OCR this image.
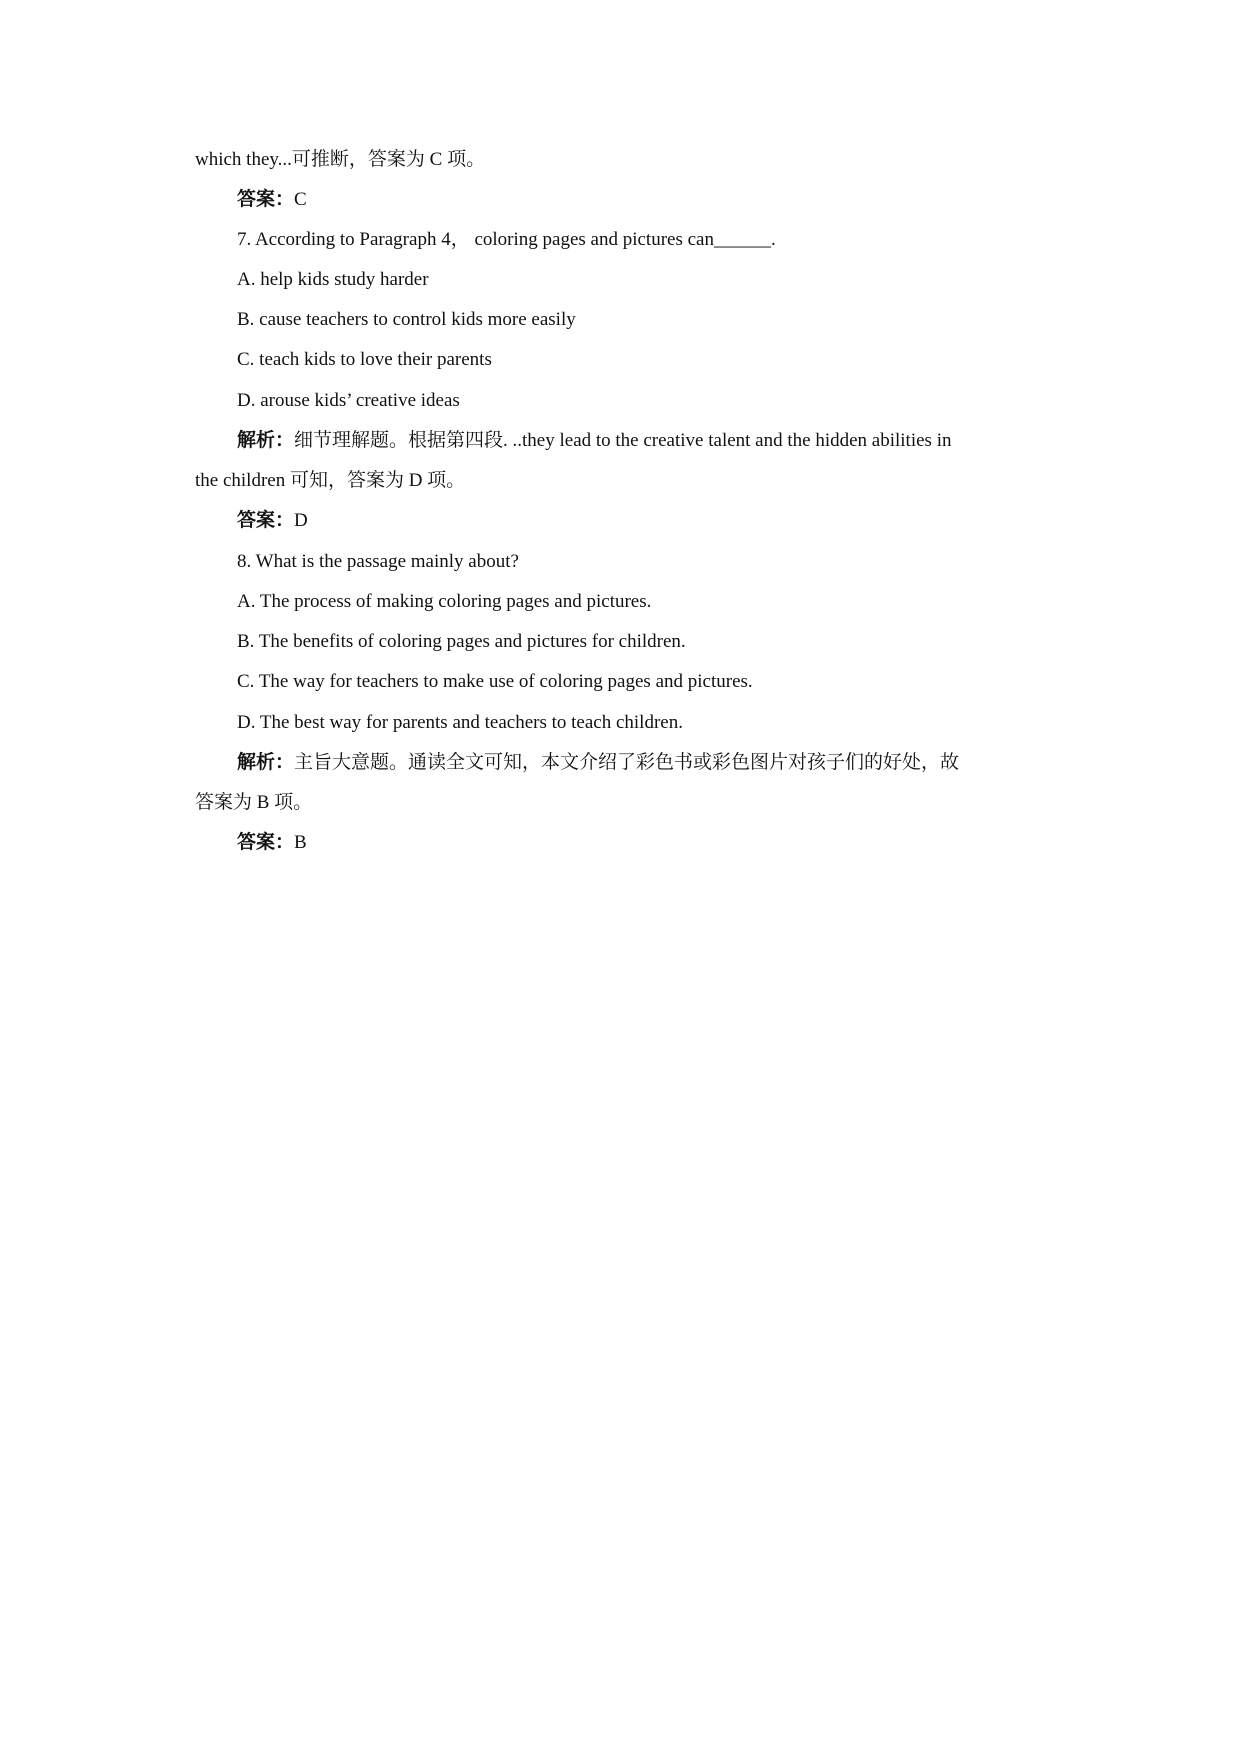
which they...可推断，答案为 C 项。
答案：C
7. According to Paragraph 4， coloring pages and pictures can______.
A. help kids study harder
B. cause teachers to control kids more easily
C. teach kids to love their parents
D. arouse kids’ creative ideas
解析：细节理解题。根据第四段. ..they lead to the creative talent and the hidden abilities in
the children 可知，答案为 D 项。
答案：D
8. What is the passage mainly about?
A. The process of making coloring pages and pictures.
B. The benefits of coloring pages and pictures for children.
C. The way for teachers to make use of coloring pages and pictures.
D. The best way for parents and teachers to teach children.
解析：主旨大意题。通读全文可知，本文介绍了彩色书或彩色图片对孩子们的好处，故
答案为 B 项。
答案：B
